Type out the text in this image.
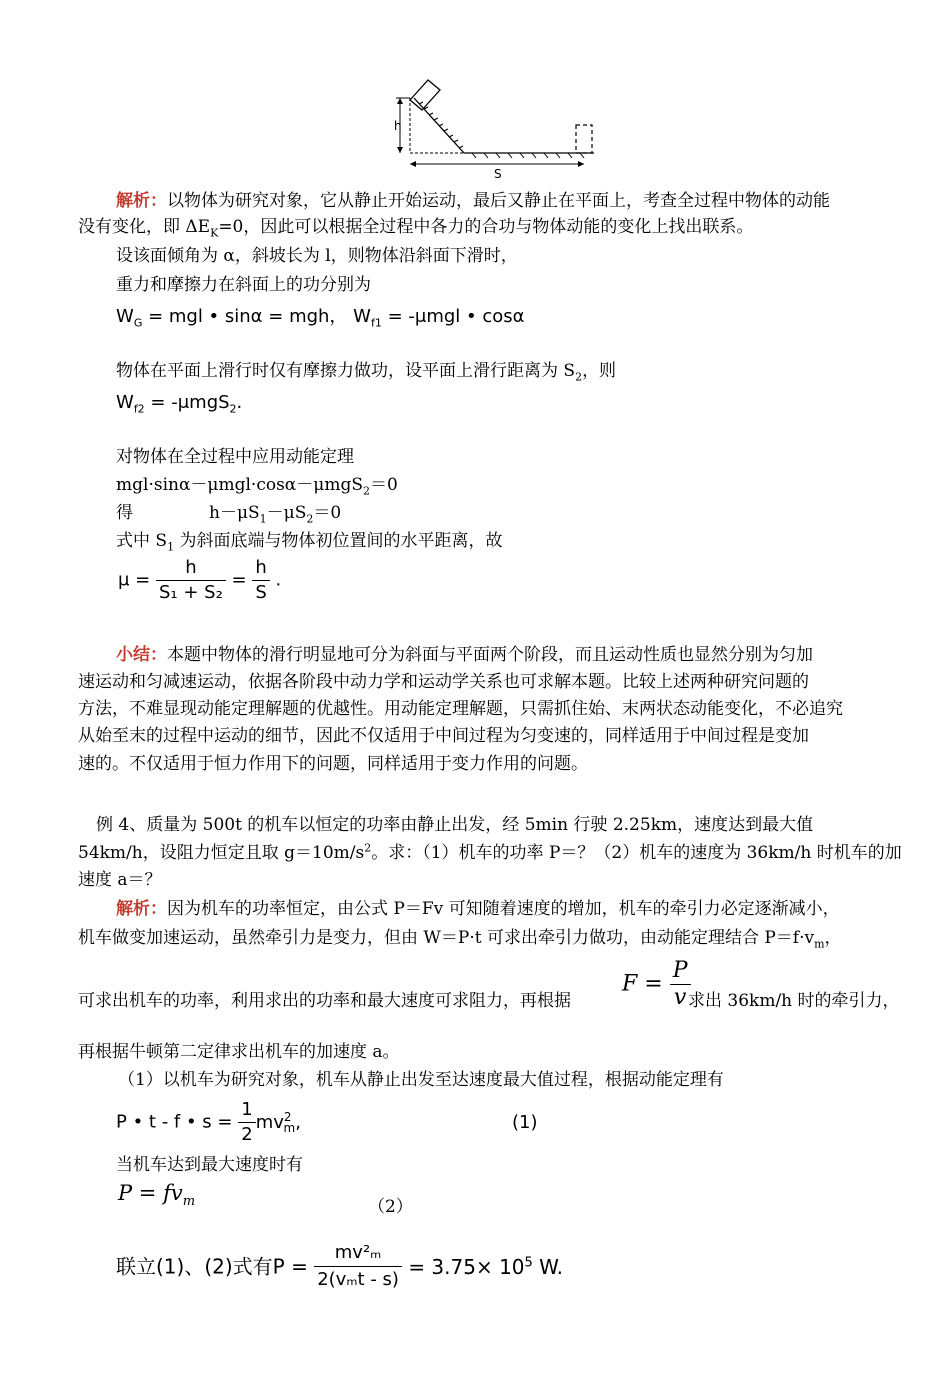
h
S
解析：以物体为研究对象，它从静止开始运动，最后又静止在平面上，考查全过程中物体的动能
没有变化，即 $\Delta E_K=0$，因此可以根据全过程中各力的合功与物体动能的变化上找出联系。
设该面倾角为 α，斜坡长为 l，则物体沿斜面下滑时，
重力和摩擦力在斜面上的功分别为
$W_G$ = mgl • sinα = mgh， $W_{f1} = -\mu mgl$ • cosα
物体在平面上滑行时仅有摩擦力做功，设平面上滑行距离为 $S_2$，则
$W_{f2} = -\mu mgS_2$.
对物体在全过程中应用动能定理
mgl·sinα－μmgl·cosα－μmgS$_2$＝0
得	$h-\mu S_1-\mu S_2=0$
式中 $S_1$ 为斜面底端与物体初位置间的水平距离，故
$\mu = \frac{h}{\text{S₁ + S₂}} = \frac{h}{S}$ .
小结：本题中物体的滑行明显地可分为斜面与平面两个阶段，而且运动性质也显然分别为匀加
速运动和匀减速运动，依据各阶段中动力学和运动学关系也可求解本题。比较上述两种研究问题的
方法，不难显现动能定理解题的优越性。用动能定理解题，只需抓住始、末两状态动能变化，不必追究
从始至末的过程中运动的细节，因此不仅适用于中间过程为匀变速的，同样适用于中间过程是变加
速的。不仅适用于恒力作用下的问题，同样适用于变力作用的问题。
例 4、质量为 500t 的机车以恒定的功率由静止出发，经 5min 行驶 2.25km，速度达到最大值
54km/h，设阻力恒定且取 $g=10m/s^2$。求：（1）机车的功率 P＝？（2）机车的速度为 36km/h 时机车的加
速度 a＝？
解析：因为机车的功率恒定，由公式 P＝Fv 可知随着速度的增加，机车的牵引力必定逐渐减小，
机车做变加速运动，虽然牵引力是变力，但由 W＝P·t 可求出牵引力做功，由动能定理结合 $P=f\cdot v_m$，
可求出机车的功率，利用求出的功率和最大速度可求阻力，再根据
$F = \frac{P}{v}$
求出 36km/h 时的牵引力，
再根据牛顿第二定律求出机车的加速度 a。
（1）以机车为研究对象，机车从静止出发至达速度最大值过程，根据动能定理有
P • t - f • $s = \frac{1}{2} mv^2_m$,	(1)
当机车达到最大速度时有
$P = fv_m$	（2）
联立(1)、(2)式有$P = \frac{\text{mv²ₘ}}{\text{2(vₘt - s)}} = 3.75\times 10^5$ W.
